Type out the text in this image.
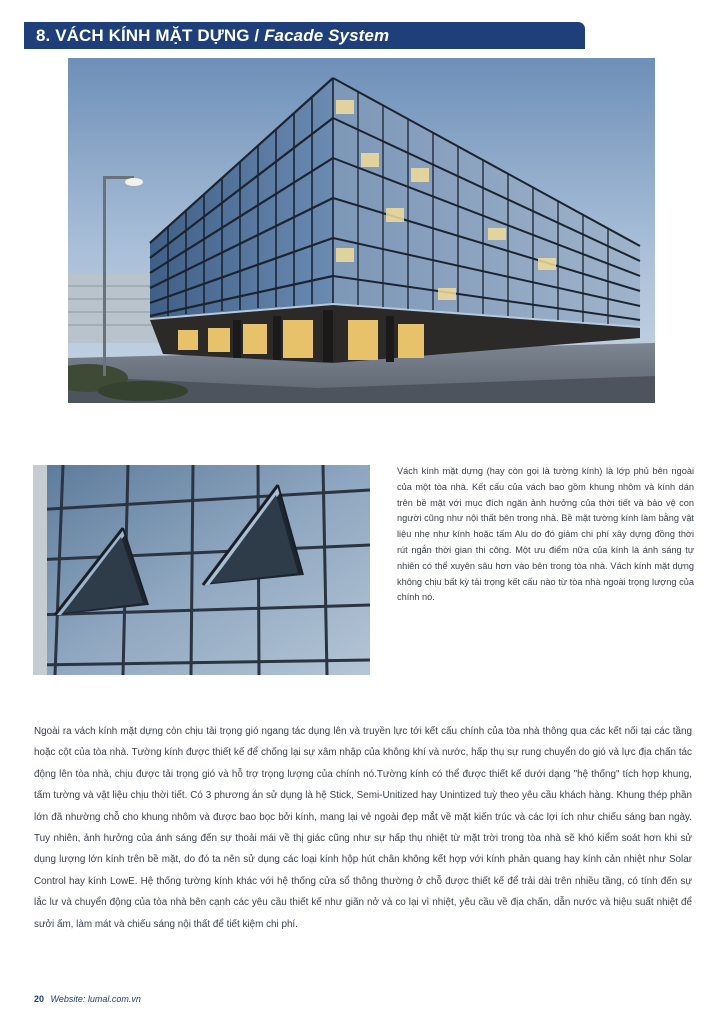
8. VÁCH KÍNH MẶT DỰNG / Facade System
Vách kính mặt dựng (hay còn gọi là tường kính) là lớp phủ bên ngoài của một tòa nhà. Kết cấu của vách bao gồm khung nhôm và kính dán trên bề mặt với mục đích ngăn ảnh hưởng của thời tiết và bảo vệ con người cũng như nội thất bên trong nhà. Bề mặt tường kính làm bằng vật liệu nhẹ như kính hoặc tấm Alu do đó giảm chi phí xây dựng đồng thời rút ngắn thời gian thi công. Một ưu điểm nữa của kính là ánh sáng tự nhiên có thể xuyên sâu hơn vào bên trong tòa nhà. Vách kính mặt dựng không chịu bất kỳ tải trọng kết cấu nào từ tòa nhà ngoài trọng lượng của chính nó.
Ngoài ra vách kính mặt dựng còn chịu tải trọng gió ngang tác dụng lên và truyền lực tới kết cấu chính của tòa nhà thông qua các kết nối tại các tầng hoặc cột của tòa nhà. Tường kính được thiết kế để chống lại sự xâm nhập của không khí và nước, hấp thụ sự rung chuyển do gió và lực địa chấn tác động lên tòa nhà, chịu được tải trọng gió và hỗ trợ trọng lượng của chính nó.Tường kính có thể được thiết kế dưới dạng "hệ thống" tích hợp khung, tấm tường và vật liệu chịu thời tiết. Có 3 phương án sử dụng là hệ Stick, Semi-Unitized hay Unintized tuỳ theo yêu cầu khách hàng. Khung thép phần lớn đã nhường chỗ cho khung nhôm và được bao bọc bởi kính, mang lại vẻ ngoài đẹp mắt về mặt kiến trúc và các lợi ích như chiếu sáng ban ngày. Tuy nhiên, ảnh hưởng của ánh sáng đến sự thoải mái về thị giác cũng như sự hấp thụ nhiệt từ mặt trời trong tòa nhà sẽ khó kiểm soát hơn khi sử dụng lượng lớn kính trên bề mặt, do đó ta nên sử dụng các loại kính hộp hút chân không kết hợp với kính phản quang hay kính cản nhiệt như Solar Control hay kính LowE. Hệ thống tường kính khác với hệ thống cửa sổ thông thường ở chỗ được thiết kế để trải dài trên nhiều tầng, có tính đến sự lắc lư và chuyển động của tòa nhà bên cạnh các yêu cầu thiết kế như giãn nở và co lại vì nhiệt, yêu cầu về địa chấn, dẫn nước và hiệu suất nhiệt để sưởi ấm, làm mát và chiếu sáng nội thất để tiết kiệm chi phí.
20 Website: lumal.com.vn
